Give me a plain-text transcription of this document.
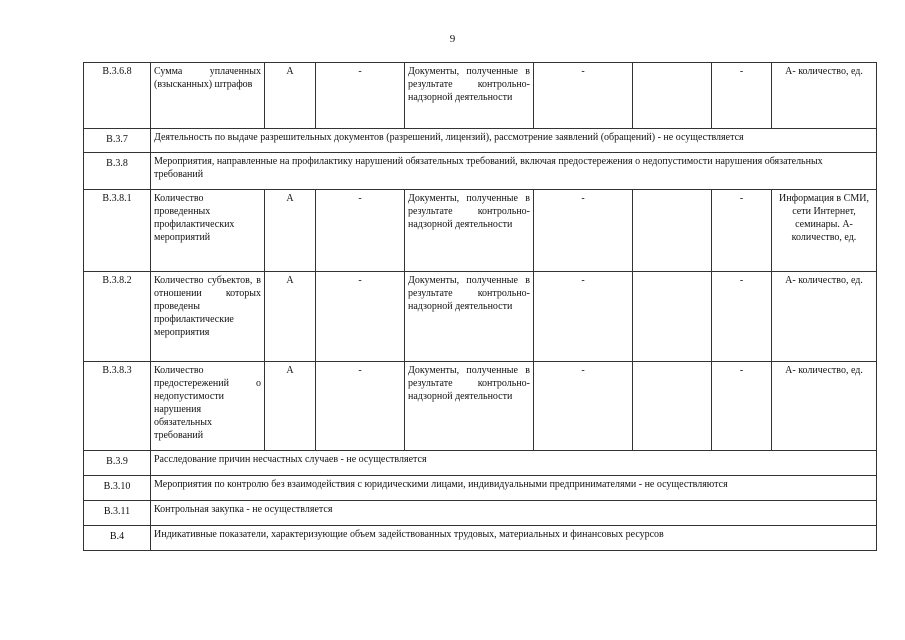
9
В.3.6.8	Сумма уплаченных (взысканных) штрафов	А	-	Документы, полученные в результате контрольно-надзорной деятельности	-		-	А- количество, ед.
В.3.7	Деятельность по выдаче разрешительных документов (разрешений, лицензий), рассмотрение заявлений (обращений) - не осуществляется							
В.3.8	Мероприятия, направленные на профилактику нарушений обязательных требований, включая предостережения о недопустимости нарушения обязательных требований							
В.3.8.1	Количество проведенных профилактических мероприятий	А	-	Документы, полученные в результате контрольно-надзорной деятельности	-		-	Информация в СМИ, сети Интернет, семинары. А- количество, ед.
В.3.8.2	Количество субъектов, в отношении которых проведены профилактические мероприятия	А	-	Документы, полученные в результате контрольно-надзорной деятельности	-		-	А- количество, ед.
В.3.8.3	Количество предостережений о недопустимости нарушения обязательных требований	А	-	Документы, полученные в результате контрольно-надзорной деятельности	-		-	А- количество, ед.
В.3.9	Расследование причин несчастных случаев - не осуществляется							
В.3.10	Мероприятия по контролю без взаимодействия с юридическими лицами, индивидуальными предпринимателями - не осуществляются							
В.3.11	Контрольная закупка - не осуществляется							
В.4	Индикативные показатели, характеризующие объем задействованных трудовых, материальных и финансовых ресурсов							
